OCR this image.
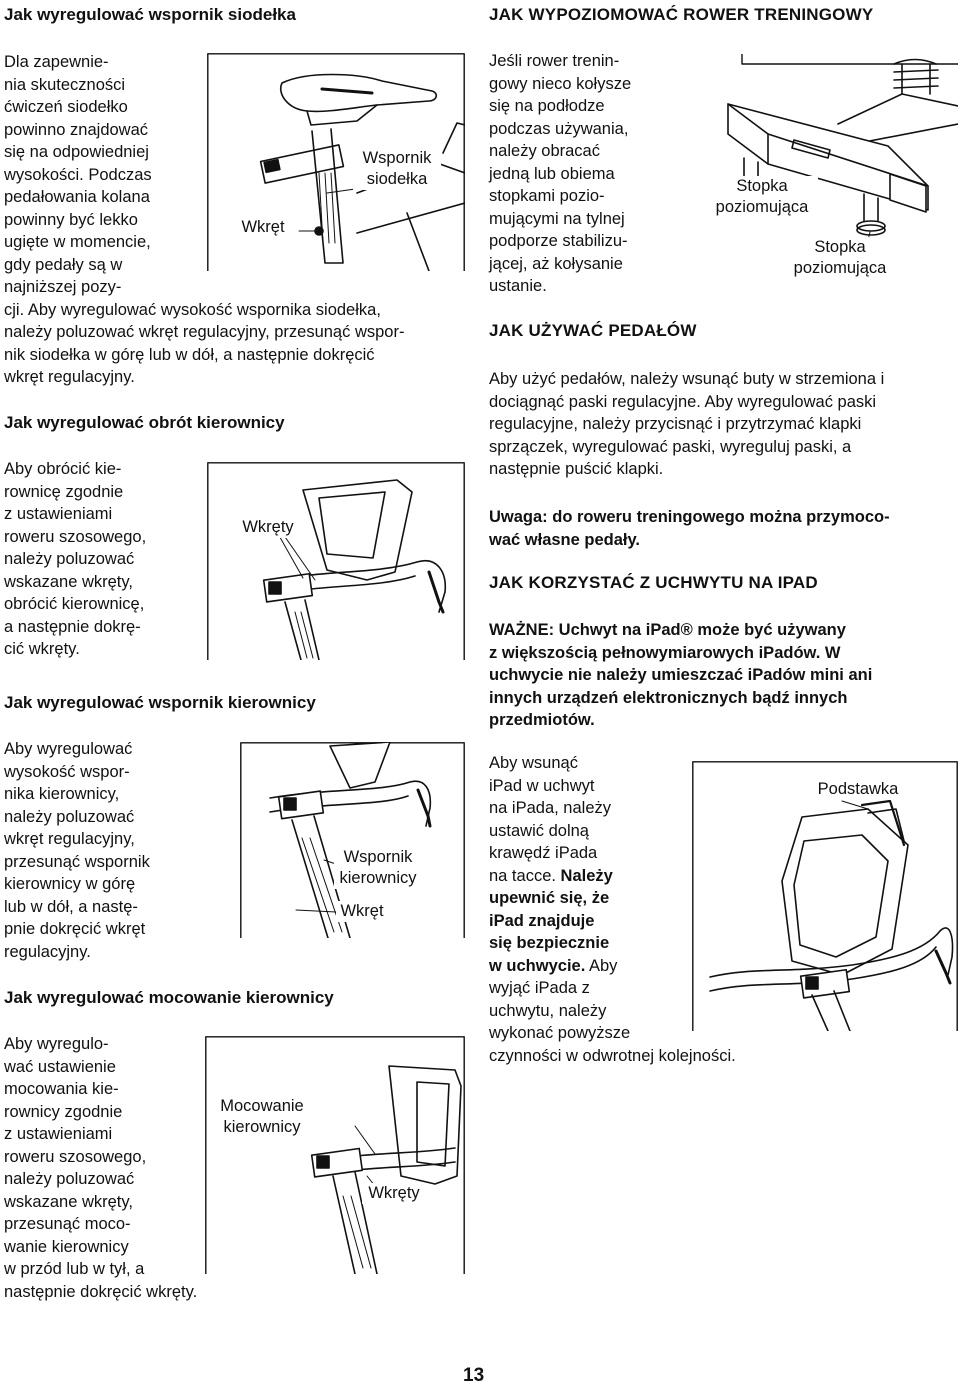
Jak wyregulować wspornik siodełka
Wspornik
siodełka
Wkręt
Dla zapewnie-
nia skuteczności
ćwiczeń siodełko
powinno znajdować
się na odpowiedniej
wysokości. Podczas
pedałowania kolana
powinny być lekko
ugięte w momencie,
gdy pedały są w
najniższej pozy-
cji. Aby wyregulować wysokość wspornika siodełka,
należy poluzować wkręt regulacyjny, przesunąć wspor-
nik siodełka w górę lub w dół, a następnie dokręcić
wkręt regulacyjny.
Jak wyregulować obrót kierownicy
Wkręty
Aby obrócić kie-
rownicę zgodnie
z ustawieniami
roweru szosowego,
należy poluzować
wskazane wkręty,
obrócić kierownicę,
a następnie dokrę-
cić wkręty.
Jak wyregulować wspornik kierownicy
Wspornik
kierownicy
Wkręt
Aby wyregulować
wysokość wspor-
nika kierownicy,
należy poluzować
wkręt regulacyjny,
przesunąć wspornik
kierownicy w górę
lub w dół, a nastę-
pnie dokręcić wkręt
regulacyjny.
Jak wyregulować mocowanie kierownicy
Mocowanie
kierownicy
Wkręty
Aby wyregulo-
wać ustawienie
mocowania kie-
rownicy zgodnie
z ustawieniami
roweru szosowego,
należy poluzować
wskazane wkręty,
przesunąć moco-
wanie kierownicy
w przód lub w tył, a
następnie dokręcić wkręty.
JAK WYPOZIOMOWAĆ ROWER TRENINGOWY
Stopka
poziomująca
Stopka
poziomująca
Jeśli rower trenin-
gowy nieco kołysze
się na podłodze
podczas używania,
należy obracać
jedną lub obiema
stopkami pozio-
mującymi na tylnej
podporze stabilizu-
jącej, aż kołysanie
ustanie.
JAK UŻYWAĆ PEDAŁÓW
Aby użyć pedałów, należy wsunąć buty w strzemiona i
dociągnąć paski regulacyjne. Aby wyregulować paski
regulacyjne, należy przycisnąć i przytrzymać klapki
sprzączek, wyregulować paski, wyreguluj paski, a
następnie puścić klapki.
Uwaga: do roweru treningowego można przymoco-
wać własne pedały.
JAK KORZYSTAĆ Z UCHWYTU NA IPAD
WAŻNE: Uchwyt na iPad® może być używany
z większością pełnowymiarowych iPadów. W
uchwycie nie należy umieszczać iPadów mini ani
innych urządzeń elektronicznych bądź innych
przedmiotów.
Podstawka
Aby wsunąć
iPad w uchwyt
na iPada, należy
ustawić dolną
krawędź iPada
na tacce. Należy
upewnić się, że
iPad znajduje
się bezpiecznie
w uchwycie. Aby
wyjąć iPada z
uchwytu, należy
wykonać powyższe
czynności w odwrotnej kolejności.
13
